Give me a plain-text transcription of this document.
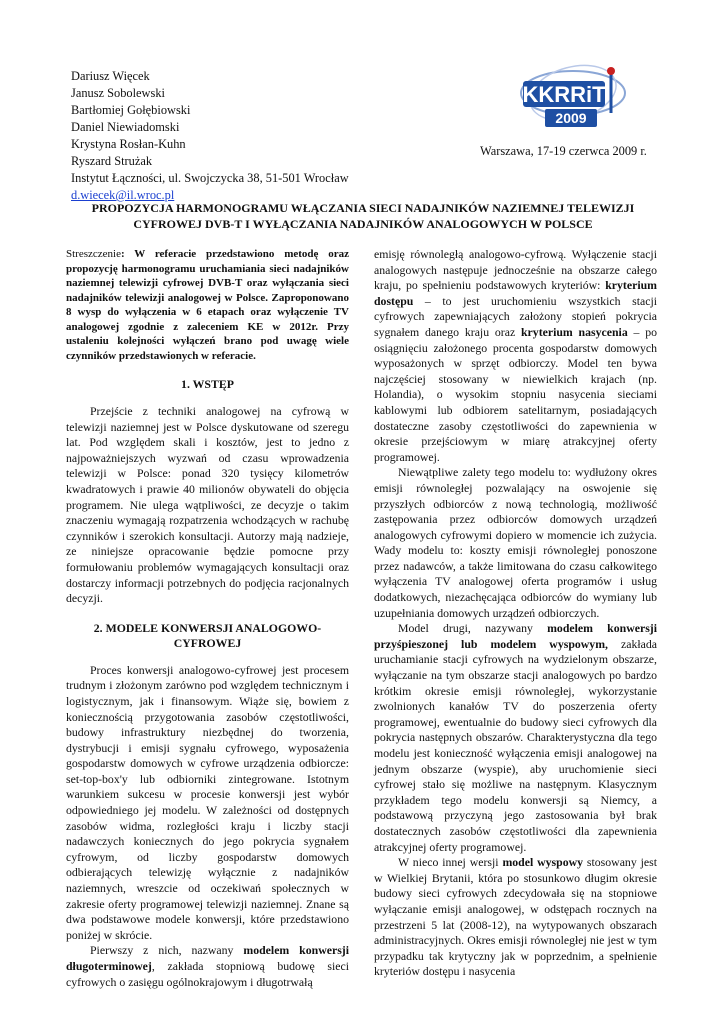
Dariusz Więcek
Janusz Sobolewski
Bartłomiej Gołębiowski
Daniel Niewiadomski
Krystyna Rosłan-Kuhn
Ryszard Strużak
Instytut Łączności, ul. Swojczycka 38, 51-501 Wrocław
d.wiecek@il.wroc.pl
KKRRiT
2009
Warszawa, 17-19 czerwca 2009 r.
PROPOZYCJA HARMONOGRAMU WŁĄCZANIA SIECI NADAJNIKÓW NAZIEMNEJ TELEWIZJI CYFROWEJ DVB-T I WYŁĄCZANIA NADAJNIKÓW ANALOGOWYCH W POLSCE

Streszczenie: W referacie przedstawiono metodę oraz propozycję harmonogramu uruchamiania sieci nadajników naziemnej telewizji cyfrowej DVB-T oraz wyłączania sieci nadajników telewizji analogowej w Polsce. Zaproponowano 8 wysp do wyłączenia w 6 etapach oraz wyłączenie TV analogowej zgodnie z zaleceniem KE w 2012r. Przy ustaleniu kolejności wyłączeń brano pod uwagę wiele czynników przedstawionych w referacie.

1. WSTĘP

Przejście z techniki analogowej na cyfrową w telewizji naziemnej jest w Polsce dyskutowane od szeregu lat. Pod względem skali i kosztów, jest to jedno z najpoważniejszych wyzwań od czasu wprowadzenia telewizji w Polsce: ponad 320 tysięcy kilometrów kwadratowych i prawie 40 milionów obywateli do objęcia programem. Nie ulega wątpliwości, ze decyzje o takim znaczeniu wymagają rozpatrzenia wchodzących w rachubę czynników i szerokich konsultacji. Autorzy mają nadzieje, ze niniejsze opracowanie będzie pomocne przy formułowaniu problemów wymagających konsultacji oraz dostarczy informacji potrzebnych do podjęcia racjonalnych decyzji.

2. MODELE KONWERSJI ANALOGOWO-CYFROWEJ

Proces konwersji analogowo-cyfrowej jest procesem trudnym i złożonym zarówno pod względem technicznym i logistycznym, jak i finansowym. Wiąże się, bowiem z koniecznością przygotowania zasobów częstotliwości, budowy infrastruktury niezbędnej do tworzenia, dystrybucji i emisji sygnału cyfrowego, wyposażenia gospodarstw domowych w cyfrowe urządzenia odbiorcze: set-top-box'y lub odbiorniki zintegrowane. Istotnym warunkiem sukcesu w procesie konwersji jest wybór odpowiedniego jej modelu. W zależności od dostępnych zasobów widma, rozległości kraju i liczby stacji nadawczych koniecznych do jego pokrycia sygnałem cyfrowym, od liczby gospodarstw domowych odbierających telewizję wyłącznie z nadajników naziemnych, wreszcie od oczekiwań społecznych w zakresie oferty programowej telewizji naziemnej. Znane są dwa podstawowe modele konwersji, które przedstawiono poniżej w skrócie.

Pierwszy z nich, nazwany modelem konwersji długoterminowej, zakłada stopniową budowę sieci cyfrowych o zasięgu ogólnokrajowym i długotrwałą

emisję równoległą analogowo-cyfrową. Wyłączenie stacji analogowych następuje jednocześnie na obszarze całego kraju, po spełnieniu podstawowych kryteriów: kryterium dostępu – to jest uruchomieniu wszystkich stacji cyfrowych zapewniających założony stopień pokrycia sygnałem danego kraju oraz kryterium nasycenia – po osiągnięciu założonego procenta gospodarstw domowych wyposażonych w sprzęt odbiorczy. Model ten bywa najczęściej stosowany w niewielkich krajach (np. Holandia), o wysokim stopniu nasycenia sieciami kablowymi lub odbiorem satelitarnym, posiadających dostateczne zasoby częstotliwości do zapewnienia w okresie przejściowym w miarę atrakcyjnej oferty programowej.

Niewątpliwe zalety tego modelu to: wydłużony okres emisji równoległej pozwalający na oswojenie się przyszłych odbiorców z nową technologią, możliwość zastępowania przez odbiorców domowych urządzeń analogowych cyfrowymi dopiero w momencie ich zużycia. Wady modelu to: koszty emisji równoległej ponoszone przez nadawców, a także limitowana do czasu całkowitego wyłączenia TV analogowej oferta programów i usług dodatkowych, niezachęcająca odbiorców do wymiany lub uzupełniania domowych urządzeń odbiorczych.

Model drugi, nazywany modelem konwersji przyśpieszonej lub modelem wyspowym, zakłada uruchamianie stacji cyfrowych na wydzielonym obszarze, wyłączanie na tym obszarze stacji analogowych po bardzo krótkim okresie emisji równoległej, wykorzystanie zwolnionych kanałów TV do poszerzenia oferty programowej, ewentualnie do budowy sieci cyfrowych dla pokrycia następnych obszarów. Charakterystyczna dla tego modelu jest konieczność wyłączenia emisji analogowej na jednym obszarze (wyspie), aby uruchomienie sieci cyfrowej stało się możliwe na następnym. Klasycznym przykładem tego modelu konwersji są Niemcy, a podstawową przyczyną jego zastosowania był brak dostatecznych zasobów częstotliwości dla zapewnienia atrakcyjnej oferty programowej.

W nieco innej wersji model wyspowy stosowany jest w Wielkiej Brytanii, która po stosunkowo długim okresie budowy sieci cyfrowych zdecydowała się na stopniowe wyłączanie emisji analogowej, w odstępach rocznych na przestrzeni 5 lat (2008-12), na wytypowanych obszarach administracyjnych. Okres emisji równoległej nie jest w tym przypadku tak krytyczny jak w poprzednim, a spełnienie kryteriów dostępu i nasycenia
